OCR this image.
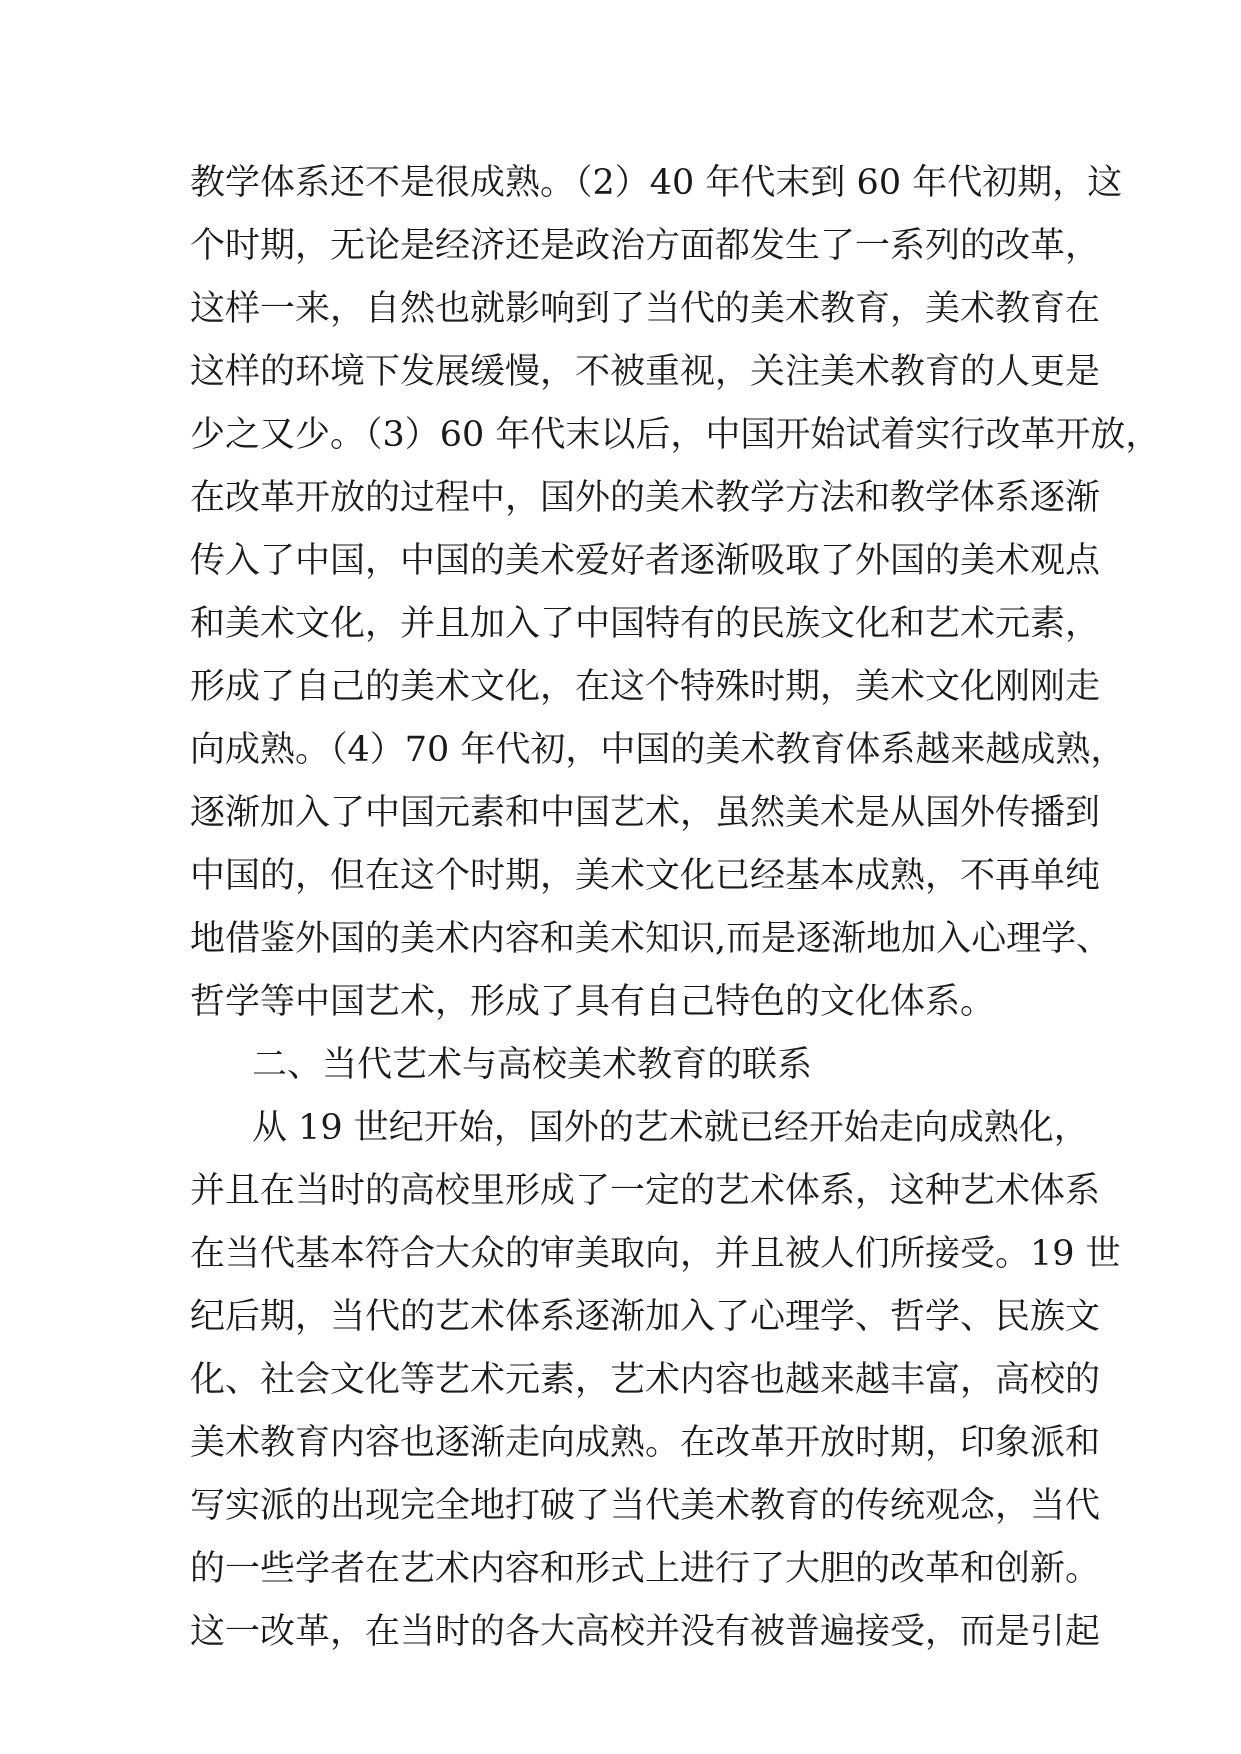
教学体系还不是很成熟。（2）40 年代末到 60 年代初期，这
个时期，无论是经济还是政治方面都发生了一系列的改革，
这样一来，自然也就影响到了当代的美术教育，美术教育在
这样的环境下发展缓慢，不被重视，关注美术教育的人更是
少之又少。（3）60 年代末以后，中国开始试着实行改革开放，
在改革开放的过程中，国外的美术教学方法和教学体系逐渐
传入了中国，中国的美术爱好者逐渐吸取了外国的美术观点
和美术文化，并且加入了中国特有的民族文化和艺术元素，
形成了自己的美术文化，在这个特殊时期，美术文化刚刚走
向成熟。（4）70 年代初，中国的美术教育体系越来越成熟，
逐渐加入了中国元素和中国艺术，虽然美术是从国外传播到
中国的，但在这个时期，美术文化已经基本成熟，不再单纯
地借鉴外国的美术内容和美术知识,而是逐渐地加入心理学、
哲学等中国艺术，形成了具有自己特色的文化体系。
二、当代艺术与高校美术教育的联系
从 19 世纪开始，国外的艺术就已经开始走向成熟化，
并且在当时的高校里形成了一定的艺术体系，这种艺术体系
在当代基本符合大众的审美取向，并且被人们所接受。19 世
纪后期，当代的艺术体系逐渐加入了心理学、哲学、民族文
化、社会文化等艺术元素，艺术内容也越来越丰富，高校的
美术教育内容也逐渐走向成熟。在改革开放时期，印象派和
写实派的出现完全地打破了当代美术教育的传统观念，当代
的一些学者在艺术内容和形式上进行了大胆的改革和创新。
这一改革，在当时的各大高校并没有被普遍接受，而是引起
